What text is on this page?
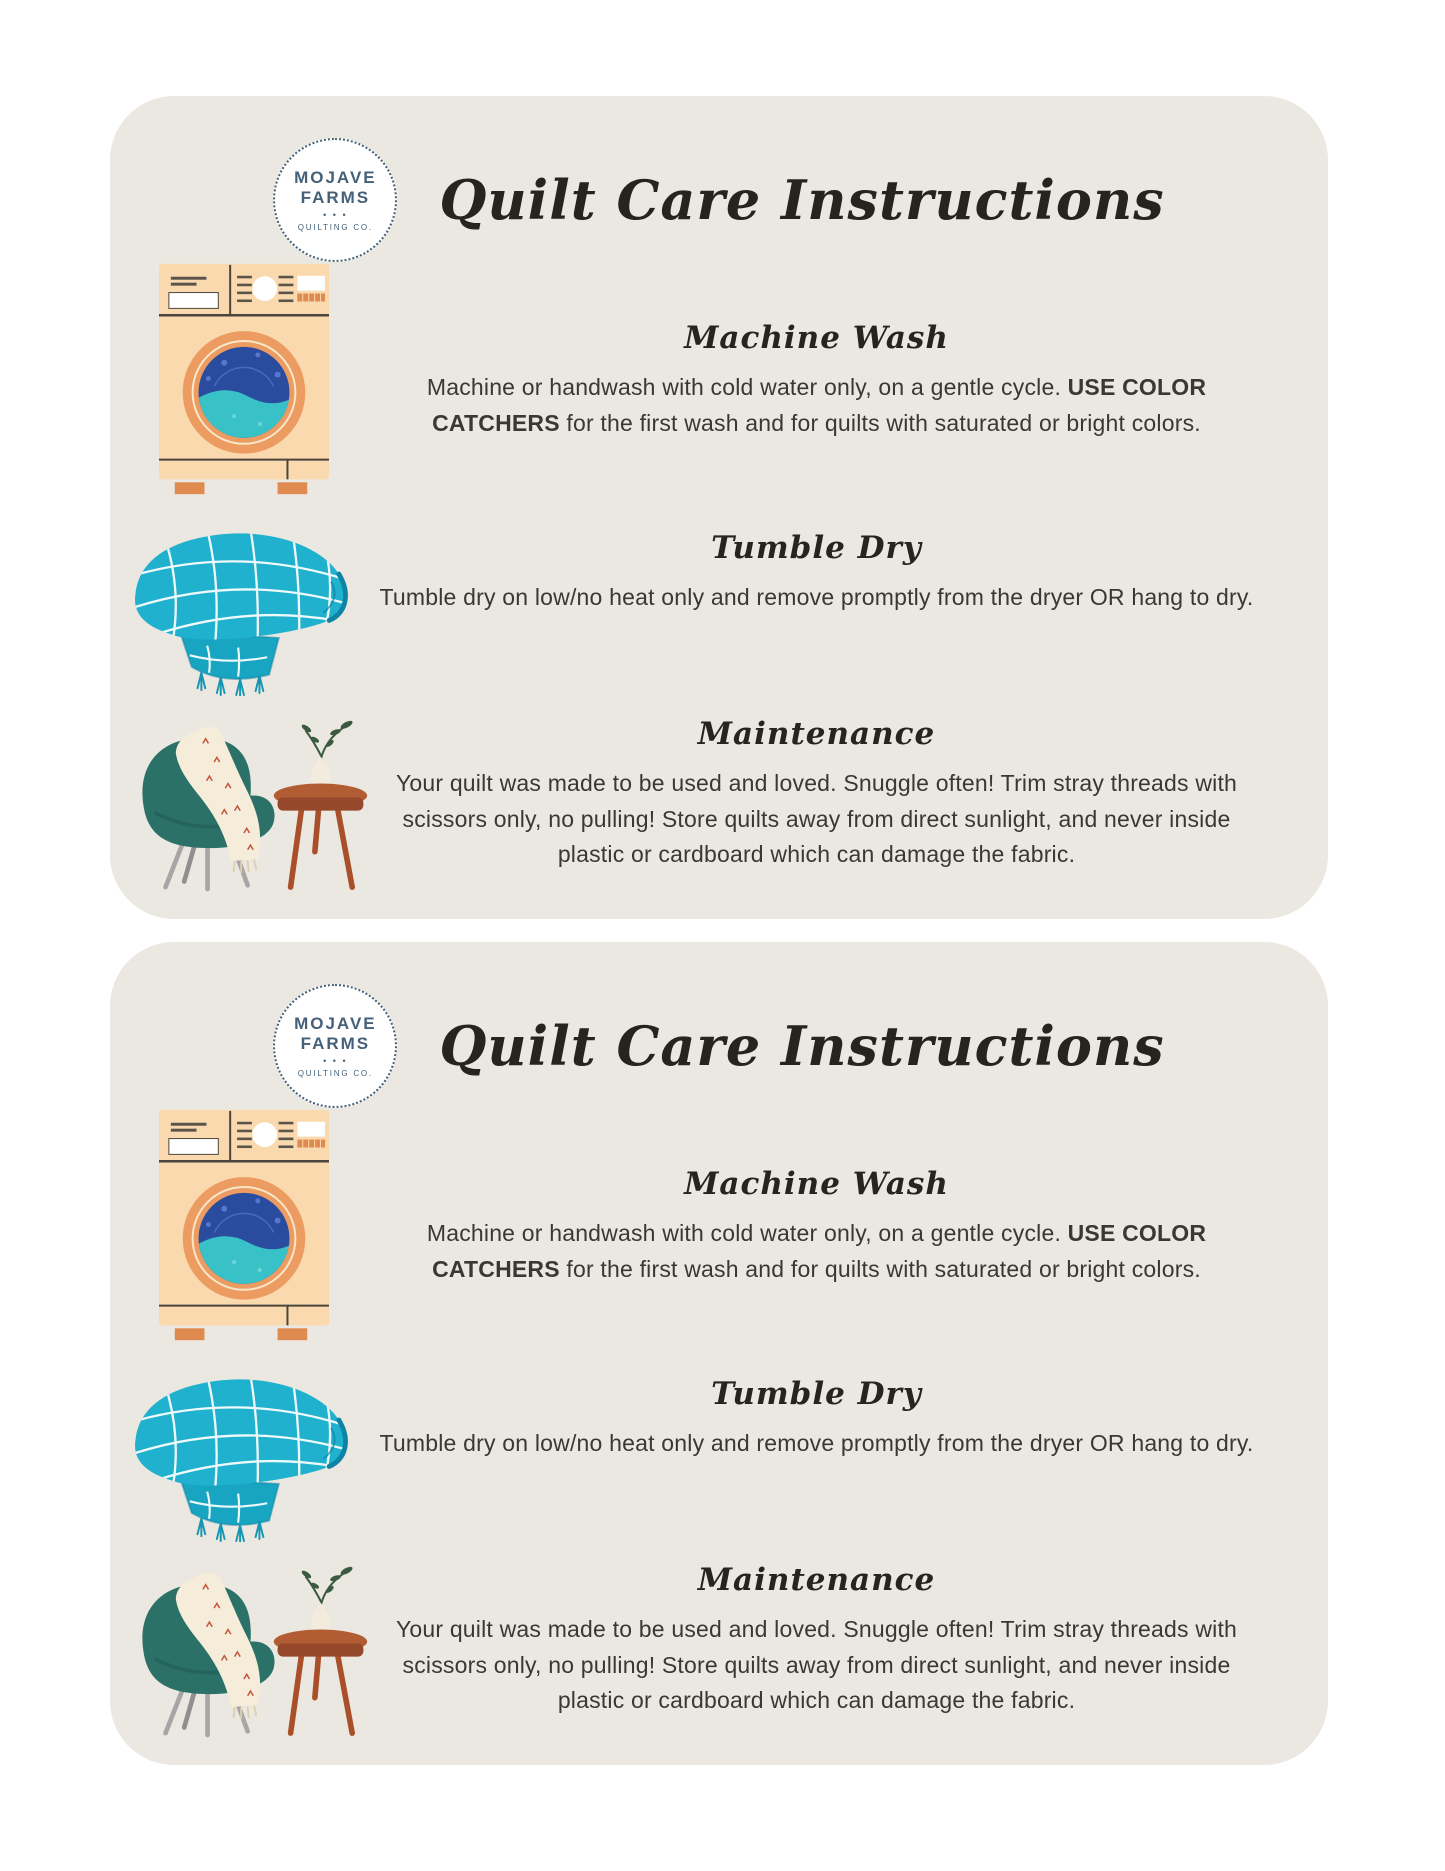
MOJAVE
FARMS
• • •
QUILTING CO. Quilt Care Instructions
Machine Wash

Machine or handwash with cold water only, on a gentle cycle. USE COLOR CATCHERS for the first wash and for quilts with saturated or bright colors.

Tumble Dry

Tumble dry on low/no heat only and remove promptly from the dryer OR hang to dry.

Maintenance

Your quilt was made to be used and loved. Snuggle often! Trim stray threads with scissors only, no pulling! Store quilts away from direct sunlight, and never inside plastic or cardboard which can damage the fabric.

MOJAVE
FARMS
• • •
QUILTING CO. Quilt Care Instructions
Machine Wash

Machine or handwash with cold water only, on a gentle cycle. USE COLOR CATCHERS for the first wash and for quilts with saturated or bright colors.

Tumble Dry

Tumble dry on low/no heat only and remove promptly from the dryer OR hang to dry.

Maintenance

Your quilt was made to be used and loved. Snuggle often! Trim stray threads with scissors only, no pulling! Store quilts away from direct sunlight, and never inside plastic or cardboard which can damage the fabric.
